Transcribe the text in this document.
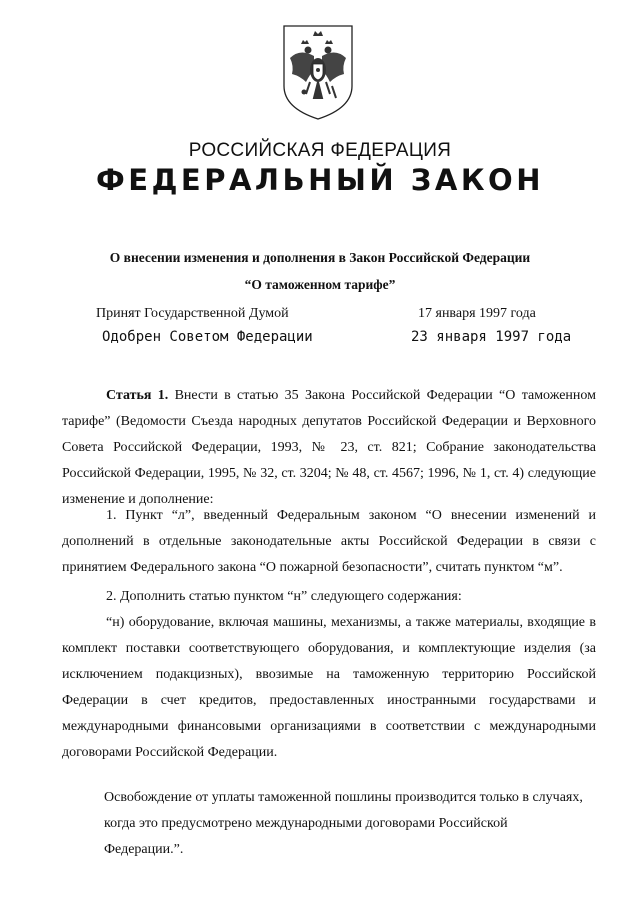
РОССИЙСКАЯ ФЕДЕРАЦИЯ
ФЕДЕРАЛЬНЫЙ ЗАКОН
О внесении изменения и дополнения в Закон Российской Федерации
“О таможенном тарифе”
Принят Государственной Думой	17 января 1997 года
Одобрен Советом Федерации	23 января 1997 года
Статья 1. Внести в статью 35 Закона Российской Федерации “О таможенном тарифе” (Ведомости Съезда народных депутатов Российской Федерации и Верховного Совета Российской Федерации, 1993, № 23, ст. 821; Собрание законодательства Российской Федерации, 1995, № 32, ст. 3204; № 48, ст. 4567; 1996, № 1, ст. 4) следующие изменение и дополнение:
1. Пункт “л”, введенный Федеральным законом “О внесении изменений и дополнений в отдельные законодательные акты Российской Федерации в связи с принятием Федерального закона “О пожарной безопасности”, считать пунктом “м”.
2. Дополнить статью пунктом “н” следующего содержания:
“н) оборудование, включая машины, механизмы, а также материалы, входящие в комплект поставки соответствующего оборудования, и комплектующие изделия (за исключением подакцизных), ввозимые на таможенную территорию Российской Федерации в счет кредитов, предоставленных иностранными государствами и международными финансовыми организациями в соответствии с международными договорами Российской Федерации.
Освобождение от уплаты таможенной пошлины производится только в случаях, когда это предусмотрено международными договорами Российской Федерации.”.
